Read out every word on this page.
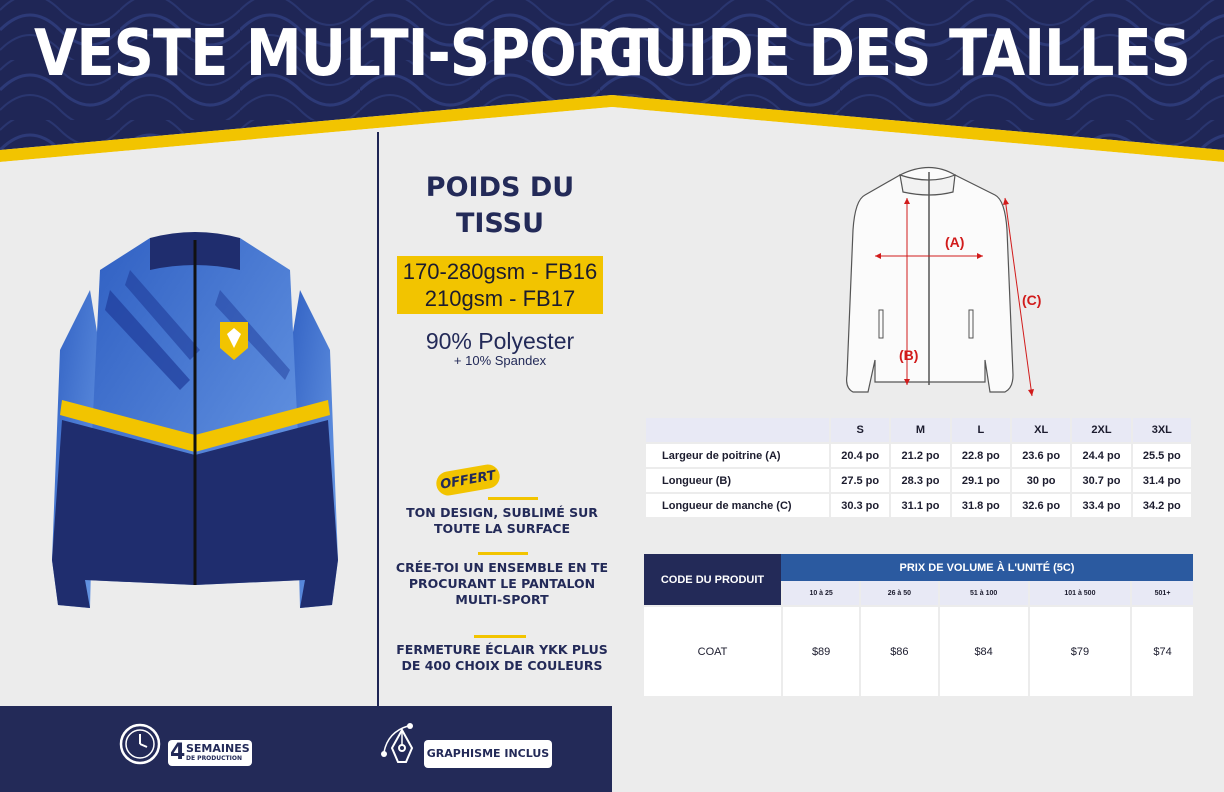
VESTE MULTI-SPORT
GUIDE DES TAILLES
POIDS DU TISSU
170-280gsm - FB16
210gsm - FB17
90% Polyester
+ 10% Spandex
OFFERT
TON DESIGN, SUBLIMÉ SUR TOUTE LA SURFACE
CRÉE-TOI UN ENSEMBLE EN TE PROCURANT LE PANTALON MULTI-SPORT
FERMETURE ÉCLAIR YKK PLUS DE 400 CHOIX DE COULEURS
4 SEMAINES
DE PRODUCTION	GRAPHISME INCLUS
(A)
(B)
(C)
	S	M	L	XL	2XL	3XL
Largeur de poitrine (A)	20.4 po	21.2 po	22.8 po	23.6 po	24.4 po	25.5 po
Longueur (B)	27.5 po	28.3 po	29.1 po	30 po	30.7 po	31.4 po
Longueur de manche (C)	30.3 po	31.1 po	31.8 po	32.6 po	33.4 po	34.2 po
CODE DU PRODUIT	PRIX DE VOLUME À L'UNITÉ (5C)				
	10 à 25	26 à 50	51 à 100	101 à 500	501+
COAT	$89	$86	$84	$79	$74
